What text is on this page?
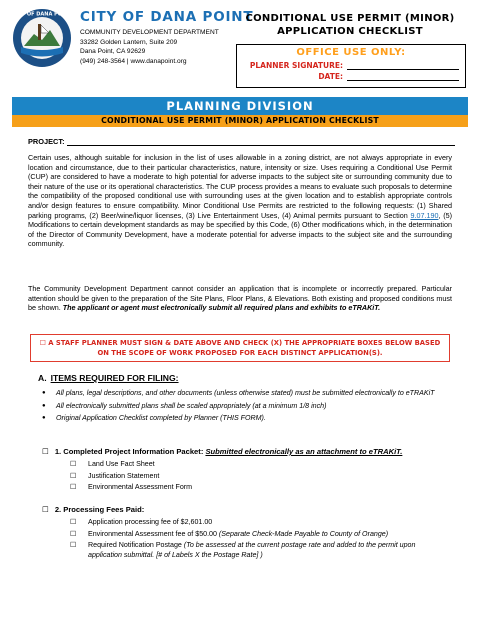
CITY OF DANA POINT CITY OF DANA POINT
COMMUNITY DEVELOPMENT DEPARTMENT
33282 Golden Lantern, Suite 209
Dana Point, CA 92629
(949) 248-3564 | www.danapoint.org
CONDITIONAL USE PERMIT (MINOR)
APPLICATION CHECKLIST
OFFICE USE ONLY:
PLANNER SIGNATURE:
DATE:
PLANNING DIVISION
CONDITIONAL USE PERMIT (MINOR) APPLICATION CHECKLIST
PROJECT:
Certain uses, although suitable for inclusion in the list of uses allowable in a zoning district, are not always appropriate in every location and circumstance, due to their particular characteristics, nature, intensity or size. Uses requiring a Conditional Use Permit (CUP) are considered to have a moderate to high potential for adverse impacts to the subject site or surrounding community due to their nature of the use or its operational characteristics. The CUP process provides a means to evaluate such proposals to determine the compatibility of the proposed conditional use with surrounding uses at the given location and to establish appropriate controls and/or design features to ensure compatibility. Minor Conditional Use Permits are restricted to the following requests: (1) Shared parking programs, (2) Beer/wine/liquor licenses, (3) Live Entertainment Uses, (4) Animal permits pursuant to Section 9.07.190, (5) Modifications to certain development standards as may be specified by this Code, (6) Other modifications which, in the determination of the Director of Community Development, have a moderate potential for adverse impacts to the subject site and the surrounding community.
The Community Development Department cannot consider an application that is incomplete or incorrectly prepared. Particular attention should be given to the preparation of the Site Plans, Floor Plans, & Elevations. Both existing and proposed conditions must be shown. The applicant or agent must electronically submit all required plans and exhibits to eTRAKiT.
☐ A STAFF PLANNER MUST SIGN & DATE ABOVE AND CHECK (X) THE APPROPRIATE BOXES BELOW BASED ON THE SCOPE OF WORK PROPOSED FOR EACH DISTINCT APPLICATION(S).
A. ITEMS REQUIRED FOR FILING:
● All plans, legal descriptions, and other documents (unless otherwise stated) must be submitted electronically to eTRAKiT
● All electronically submitted plans shall be scaled appropriately (at a minimum 1/8 inch)
● Original Application Checklist completed by Planner (THIS FORM).
☐ 1. Completed Project Information Packet: Submitted electronically as an attachment to eTRAKiT.
☐ Land Use Fact Sheet
☐ Justification Statement
☐ Environmental Assessment Form
☐ 2. Processing Fees Paid:
☐ Application processing fee of $2,601.00
☐ Environmental Assessment fee of $50.00 (Separate Check-Made Payable to County of Orange)
☐ Required Notification Postage (To be assessed at the current postage rate and added to the permit upon application submittal. [# of Labels X the Postage Rate] )
